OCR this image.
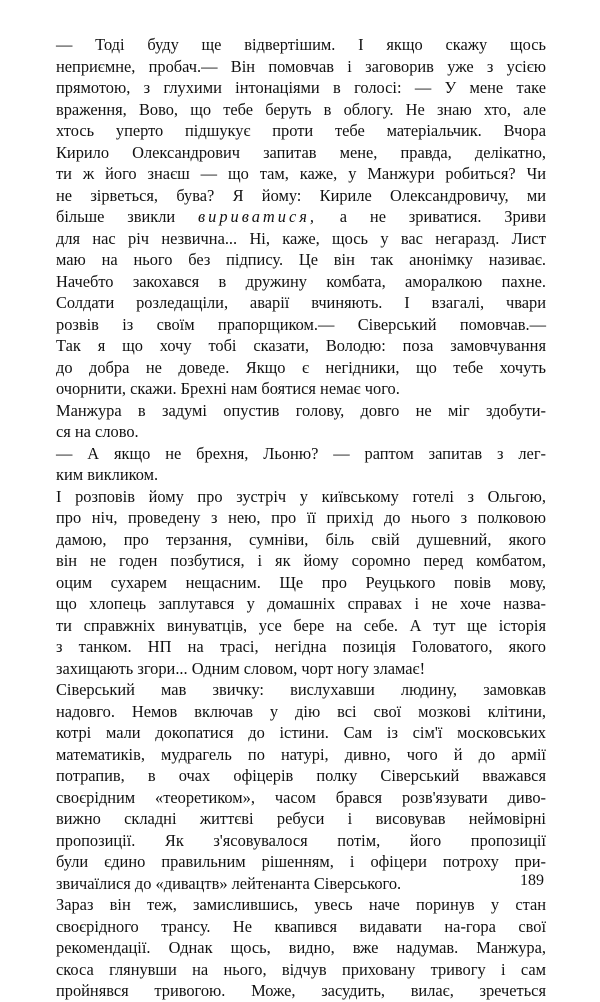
— Тоді буду ще відвертішим. І якщо скажу щось
неприємне, пробач.— Він помовчав і заговорив уже з усією
прямотою, з глухими інтонаціями в голосі: — У мене таке
враження, Вово, що тебе беруть в облогу. Не знаю хто, але
хтось уперто підшукує проти тебе матеріальчик. Вчора
Кирило Олександрович запитав мене, правда, делікатно,
ти ж його знаєш — що там, каже, у Манжури робиться? Чи
не зірветься, бува? Я йому: Кириле Олександровичу, ми
більше звикли вириватися, а не зриватися. Зриви
для нас річ незвична... Ні, каже, щось у вас негаразд. Лист
маю на нього без підпису. Це він так анонімку називає.
Начебто закохався в дружину комбата, аморалкою пахне.
Солдати розледащіли, аварії вчиняють. І взагалі, чвари
розвів із своїм прапорщиком.— Сіверський помовчав.—
Так я що хочу тобі сказати, Володю: поза замовчування
до добра не доведе. Якщо є негідники, що тебе хочуть
очорнити, скажи. Брехні нам боятися немає чого.

Манжура в задумі опустив голову, довго не міг здобути-
ся на слово.

— А якщо не брехня, Льоню? — раптом запитав з лег-
ким викликом.

І розповів йому про зустріч у київському готелі з Ольгою,
про ніч, проведену з нею, про її прихід до нього з полковою
дамою, про терзання, сумніви, біль свій душевний, якого
він не годен позбутися, і як йому соромно перед комбатом,
оцим сухарем нещасним. Ще про Реуцького повів мову,
що хлопець заплутався у домашніх справах і не хоче назва-
ти справжніх винуватців, усе бере на себе. А тут ще історія
з танком. НП на трасі, негідна позиція Головатого, якого
захищають згори... Одним словом, чорт ногу зламає!

Сіверський мав звичку: вислухавши людину, замовкав
надовго. Немов включав у дію всі свої мозкові клітини,
котрі мали докопатися до істини. Сам із сім'ї московських
математиків, мудрагель по натурі, дивно, чого й до армії
потрапив, в очах офіцерів полку Сіверський вважався
своєрідним «теоретиком», часом брався розв'язувати диво-
вижно складні життєві ребуси і висовував неймовірні
пропозиції. Як з'ясовувалося потім, його пропозиції
були єдино правильним рішенням, і офіцери потроху при-
звичаїлися до «дивацтв» лейтенанта Сіверського.

Зараз він теж, замислившись, увесь наче поринув у стан
своєрідного трансу. Не квапився видавати на-гора свої
рекомендації. Однак щось, видно, вже надумав. Манжура,
скоса глянувши на нього, відчув приховану тривогу і сам
пройнявся тривогою. Може, засудить, вилає, зречеться

189
